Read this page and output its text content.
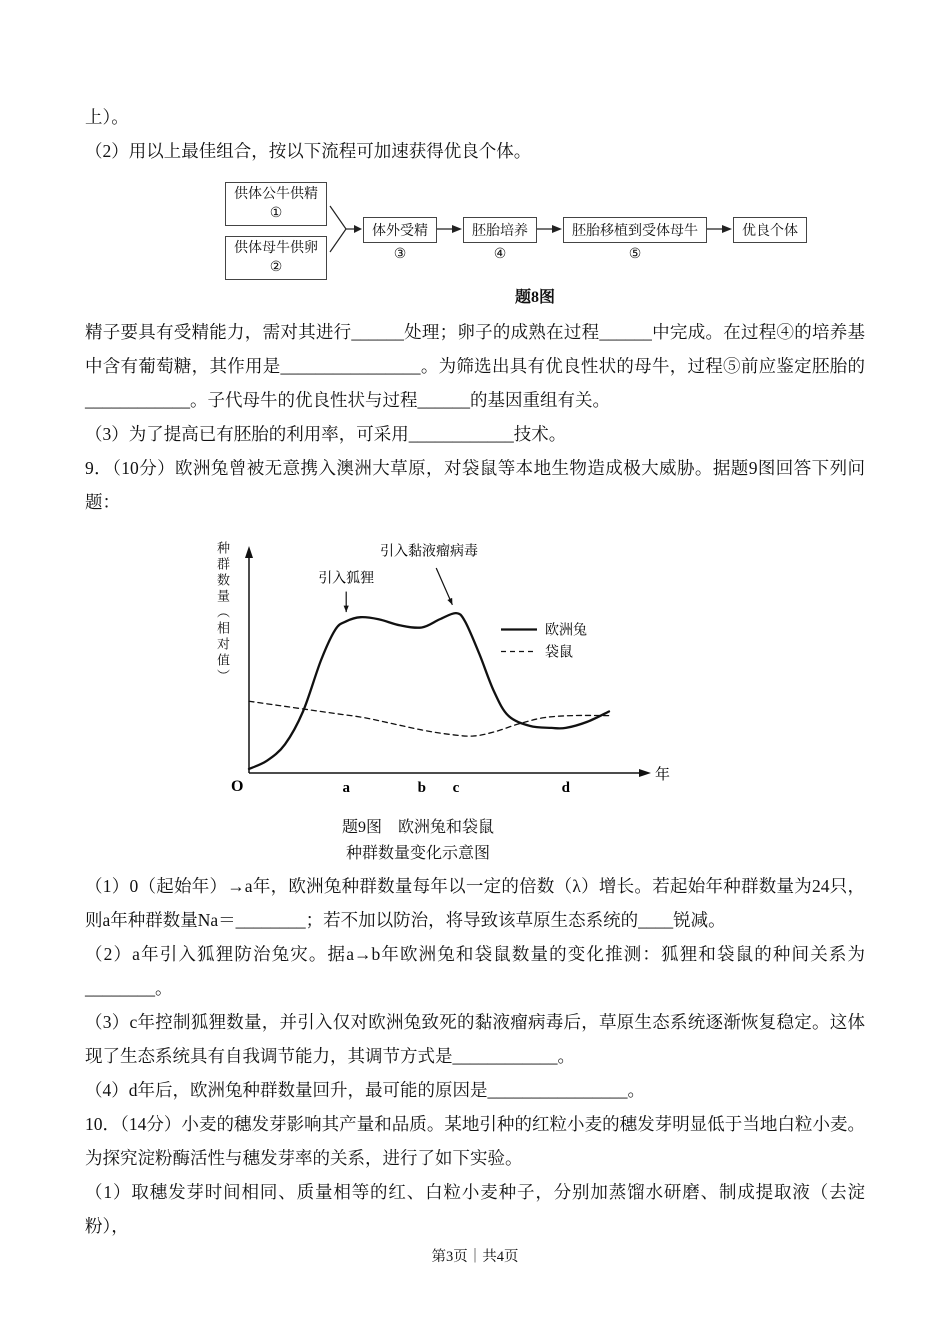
上）。

（2）用以上最佳组合，按以下流程可加速获得优良个体。

供体公牛供精
①
供体母牛供卵
②
体外受精
③
胚胎培养
④
胚胎移植到受体母牛
⑤
优良个体
题8图

精子要具有受精能力，需对其进行______处理；卵子的成熟在过程______中完成。在过程④的培养基中含有葡萄糖，其作用是________________。为筛选出具有优良性状的母牛，过程⑤前应鉴定胚胎的____________。子代母牛的优良性状与过程______的基因重组有关。

（3）为了提高已有胚胎的利用率，可采用____________技术。

9．（10分）欧洲兔曾被无意携入澳洲大草原，对袋鼠等本地生物造成极大威胁。据题9图回答下列问题：

种群数量（相对值）
O
年
a	b c	d
引入狐狸
引入黏液瘤病毒
欧洲兔
袋鼠
题9图　欧洲兔和袋鼠
种群数量变化示意图

（1）0（起始年）→a年，欧洲兔种群数量每年以一定的倍数（λ）增长。若起始年种群数量为24只，则a年种群数量Na＝________；若不加以防治，将导致该草原生态系统的____锐减。

（2）a年引入狐狸防治兔灾。据a→b年欧洲兔和袋鼠数量的变化推测：狐狸和袋鼠的种间关系为________。

（3）c年控制狐狸数量，并引入仅对欧洲兔致死的黏液瘤病毒后，草原生态系统逐渐恢复稳定。这体现了生态系统具有自我调节能力，其调节方式是____________。

（4）d年后，欧洲兔种群数量回升，最可能的原因是________________。

10．（14分）小麦的穗发芽影响其产量和品质。某地引种的红粒小麦的穗发芽明显低于当地白粒小麦。为探究淀粉酶活性与穗发芽率的关系，进行了如下实验。

（1）取穗发芽时间相同、质量相等的红、白粒小麦种子，分别加蒸馏水研磨、制成提取液（去淀粉），

第3页｜共4页
